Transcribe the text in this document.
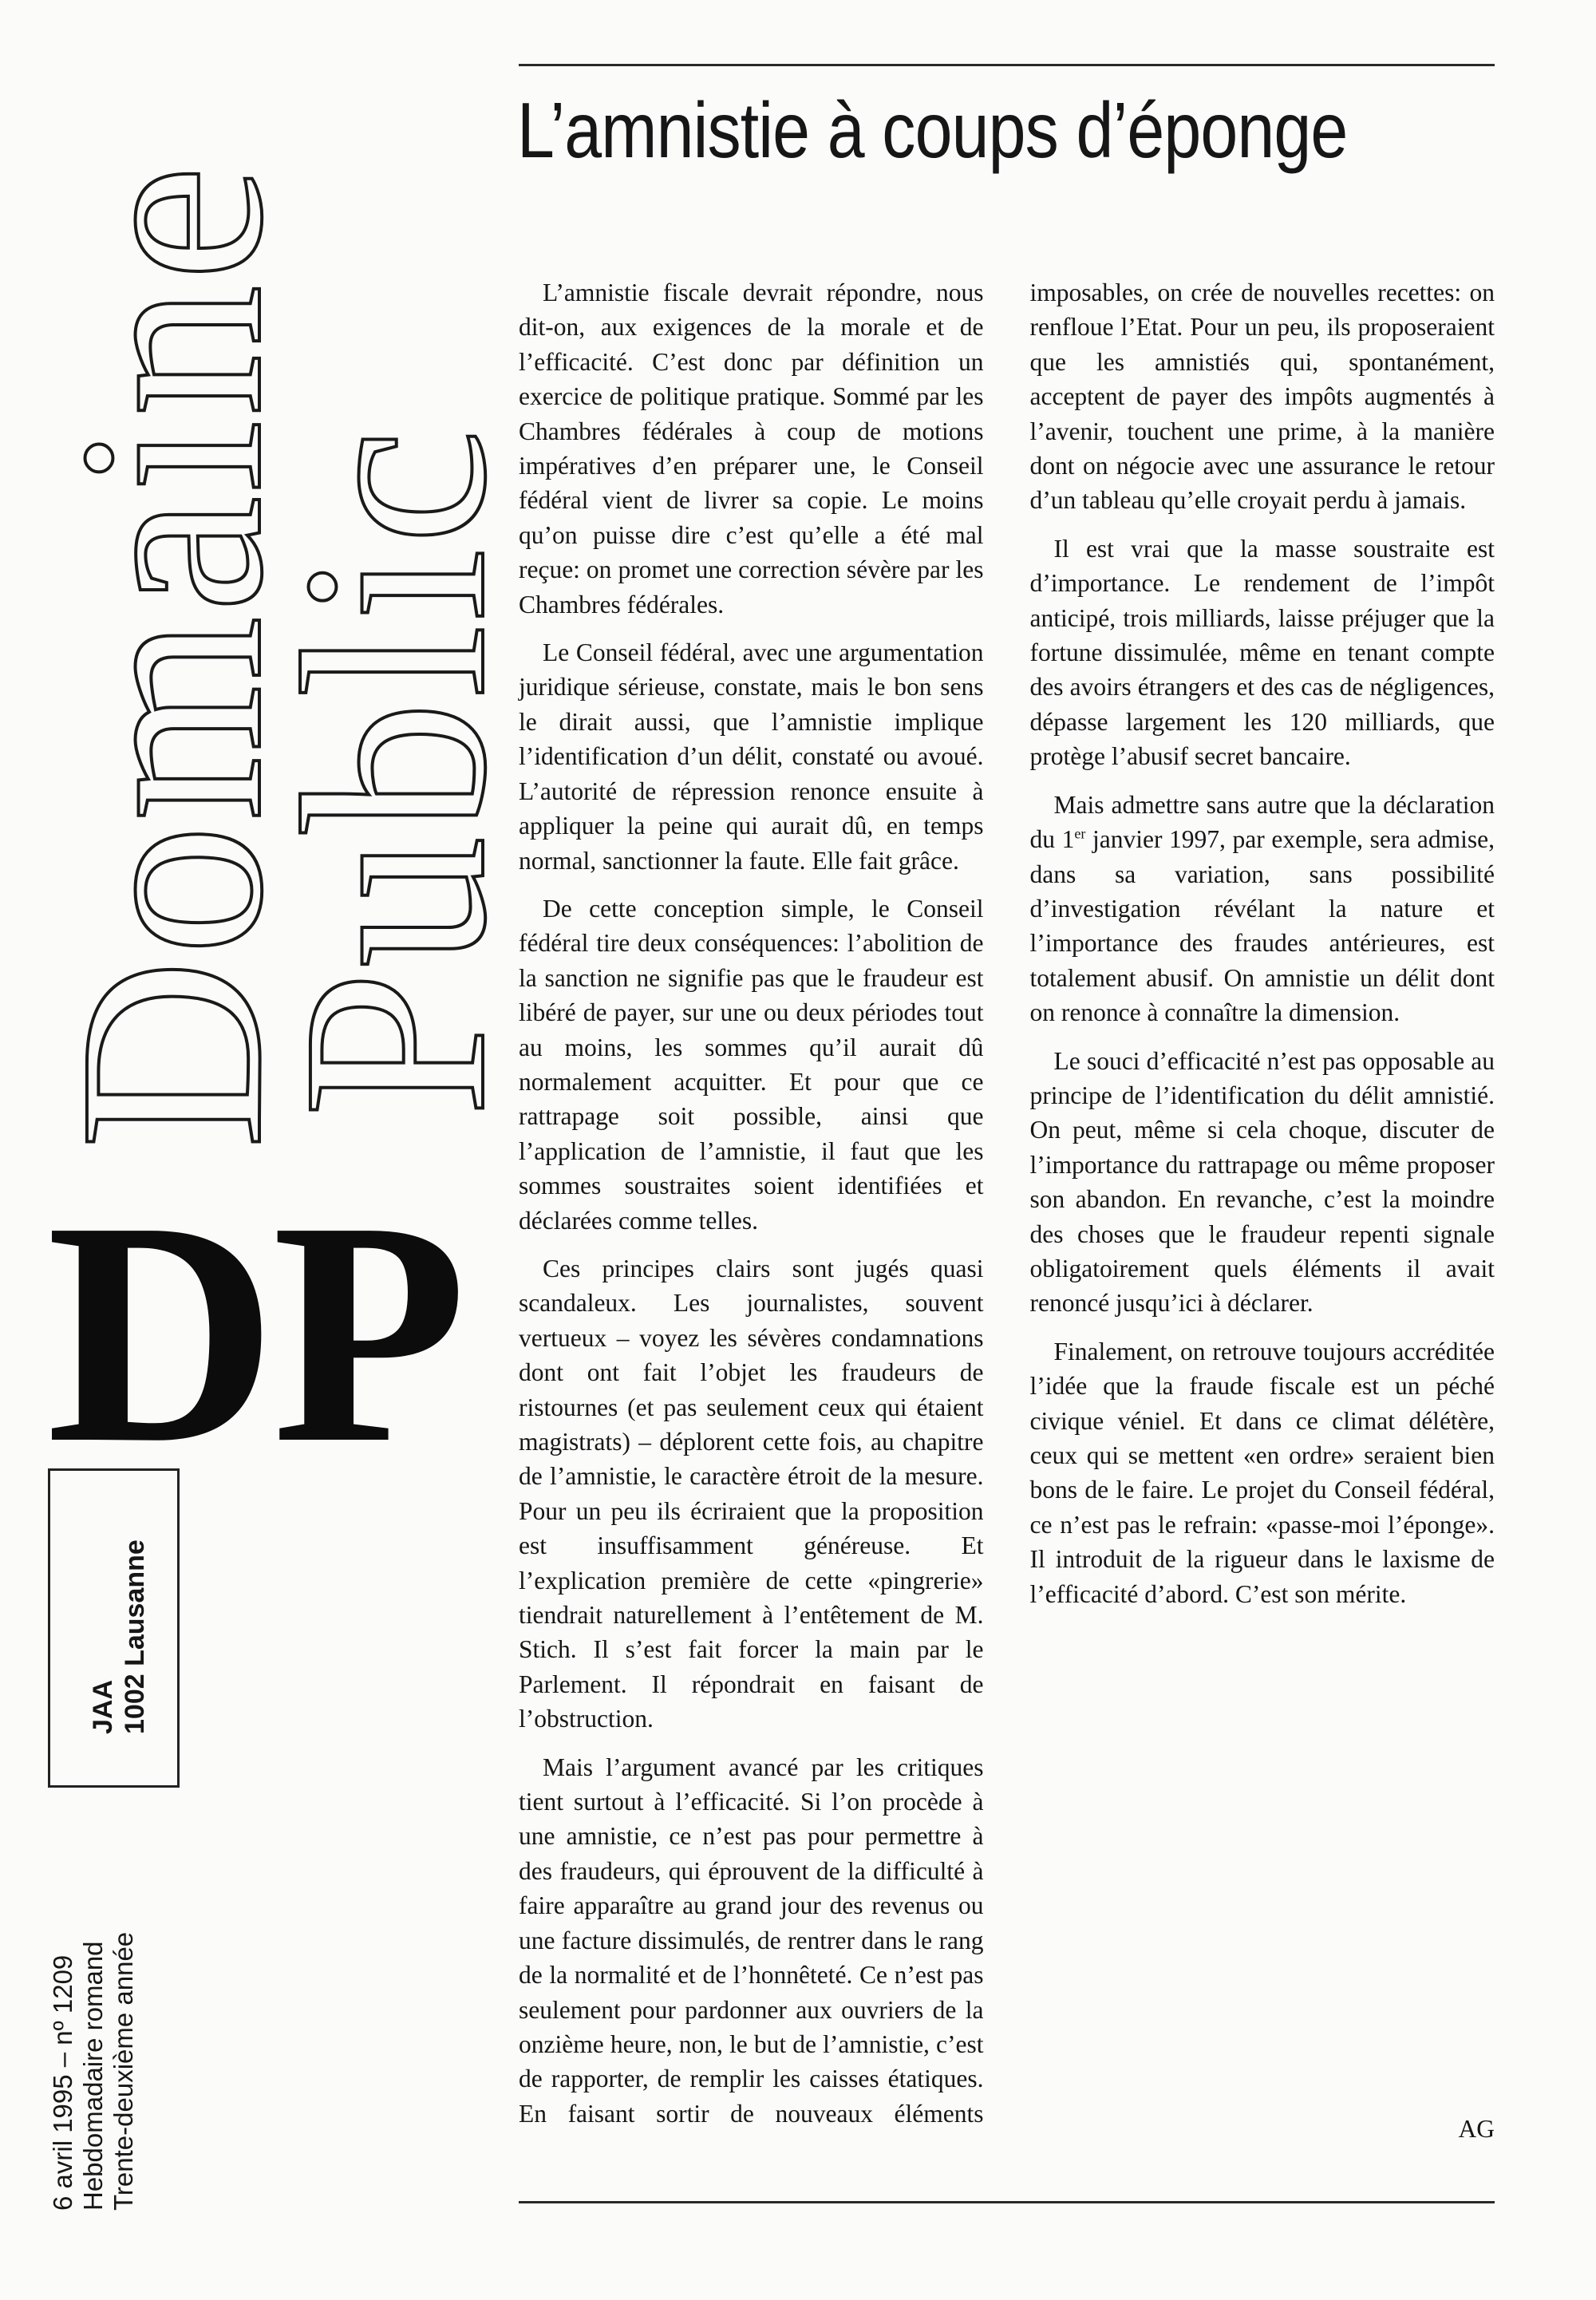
Domaine
Public
DP
JAA 1002 Lausanne
6 avril 1995 – nº 1209 Hebdomadaire romand Trente-deuxième année
L’amnistie à coups d’éponge

L’amnistie fiscale devrait répondre, nous dit-on, aux exigences de la morale et de l’efficacité. C’est donc par définition un exercice de politique pratique. Sommé par les Chambres fédérales à coup de motions impératives d’en préparer une, le Conseil fédéral vient de livrer sa copie. Le moins qu’on puisse dire c’est qu’elle a été mal reçue: on promet une correction sévère par les Chambres fédérales.

Le Conseil fédéral, avec une argumentation juridique sérieuse, constate, mais le bon sens le dirait aussi, que l’amnistie implique l’identification d’un délit, constaté ou avoué. L’autorité de répression renonce ensuite à appliquer la peine qui aurait dû, en temps normal, sanctionner la faute. Elle fait grâce.

De cette conception simple, le Conseil fédéral tire deux conséquences: l’abolition de la sanction ne signifie pas que le fraudeur est libéré de payer, sur une ou deux périodes tout au moins, les sommes qu’il aurait dû normalement acquitter. Et pour que ce rattrapage soit possible, ainsi que l’application de l’amnistie, il faut que les sommes soustraites soient identifiées et déclarées comme telles.

Ces principes clairs sont jugés quasi scandaleux. Les journalistes, souvent vertueux – voyez les sévères condamnations dont ont fait l’objet les fraudeurs de ristournes (et pas seulement ceux qui étaient magistrats) – déplorent cette fois, au chapitre de l’amnistie, le caractère étroit de la mesure. Pour un peu ils écriraient que la proposition est insuffisamment généreuse. Et l’explication première de cette «pingrerie» tiendrait naturellement à l’entêtement de M. Stich. Il s’est fait forcer la main par le Parlement. Il répondrait en faisant de l’obstruction.

Mais l’argument avancé par les critiques tient surtout à l’efficacité. Si l’on procède à une amnistie, ce n’est pas pour permettre à des fraudeurs, qui éprouvent de la difficulté à faire apparaître au grand jour des revenus ou une facture dissimulés, de rentrer dans le rang de la normalité et de l’honnêteté. Ce n’est pas seulement pour pardonner aux ouvriers de la onzième heure, non, le but de l’amnistie, c’est de rapporter, de remplir les caisses étatiques. En faisant sortir de nouveaux éléments imposables, on crée de nouvelles recettes: on renfloue l’Etat. Pour un peu, ils proposeraient que les amnistiés qui, spontanément, acceptent de payer des impôts augmentés à l’avenir, touchent une prime, à la manière dont on négocie avec une assurance le retour d’un tableau qu’elle croyait perdu à jamais.

Il est vrai que la masse soustraite est d’importance. Le rendement de l’impôt anticipé, trois milliards, laisse préjuger que la fortune dissimulée, même en tenant compte des avoirs étrangers et des cas de négligences, dépasse largement les 120 milliards, que protège l’abusif secret bancaire.

Mais admettre sans autre que la déclaration du 1er janvier 1997, par exemple, sera admise, dans sa variation, sans possibilité d’investigation révélant la nature et l’importance des fraudes antérieures, est totalement abusif. On amnistie un délit dont on renonce à connaître la dimension.

Le souci d’efficacité n’est pas opposable au principe de l’identification du délit amnistié. On peut, même si cela choque, discuter de l’importance du rattrapage ou même proposer son abandon. En revanche, c’est la moindre des choses que le fraudeur repenti signale obligatoirement quels éléments il avait renoncé jusqu’ici à déclarer.

Finalement, on retrouve toujours accréditée l’idée que la fraude fiscale est un péché civique véniel. Et dans ce climat délétère, ceux qui se mettent «en ordre» seraient bien bons de le faire. Le projet du Conseil fédéral, ce n’est pas le refrain: «passe-moi l’éponge». Il introduit de la rigueur dans le laxisme de l’efficacité d’abord. C’est son mérite.

AG
